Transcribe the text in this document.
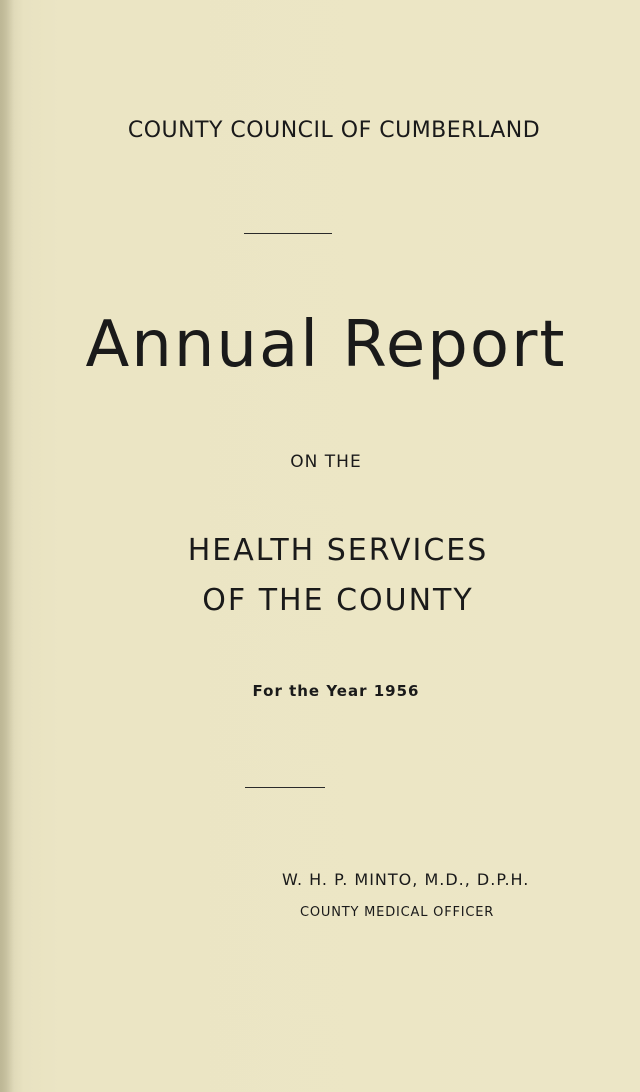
COUNTY COUNCIL OF CUMBERLAND
Annual Report
ON THE
HEALTH SERVICES
OF THE COUNTY
For the Year 1956
W. H. P. MINTO, M.D., D.P.H.
COUNTY MEDICAL OFFICER
